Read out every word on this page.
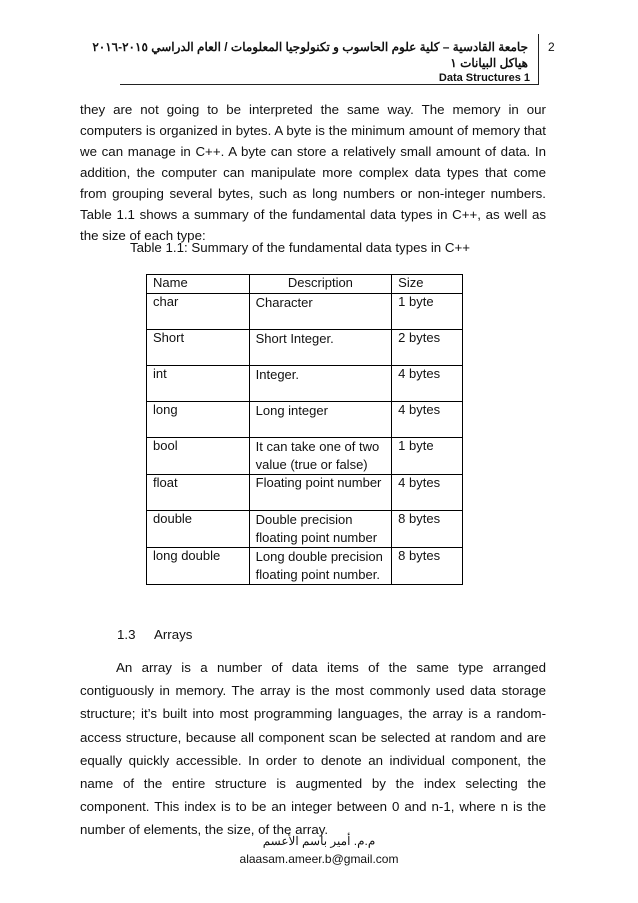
جامعة القادسية – كلية علوم الحاسوب و تكنولوجيا المعلومات / العام الدراسي ٢٠١٥-٢٠١٦
هياكل البيانات ١
Data Structures 1
2

they are not going to be interpreted the same way. The memory in our computers is organized in bytes. A byte is the minimum amount of memory that we can manage in C++. A byte can store a relatively small amount of data. In addition, the computer can manipulate more complex data types that come from grouping several bytes, such as long numbers or non-integer numbers. Table 1.1 shows a summary of the fundamental data types in C++, as well as the size of each type:

Table 1.1: Summary of the fundamental data types in C++
Name	Description	Size
char	Character	1 byte
Short	Short Integer.	2 bytes
int	Integer.	4 bytes
long	Long integer	4 bytes
bool	It can take one of two value (true or false)	1 byte
float	Floating point number	4 bytes
double	Double precision floating point number	8 bytes
long double	Long double precision floating point number.	8 bytes
1.3 Arrays

An array is a number of data items of the same type arranged contiguously in memory. The array is the most commonly used data storage structure; it’s built into most programming languages, the array is a random-access structure, because all component scan be selected at random and are equally quickly accessible. In order to denote an individual component, the name of the entire structure is augmented by the index selecting the component. This index is to be an integer between 0 and n-1, where n is the number of elements, the size, of the array.

م.م. أمير باسم الأعسم
alaasam.ameer.b@gmail.com
